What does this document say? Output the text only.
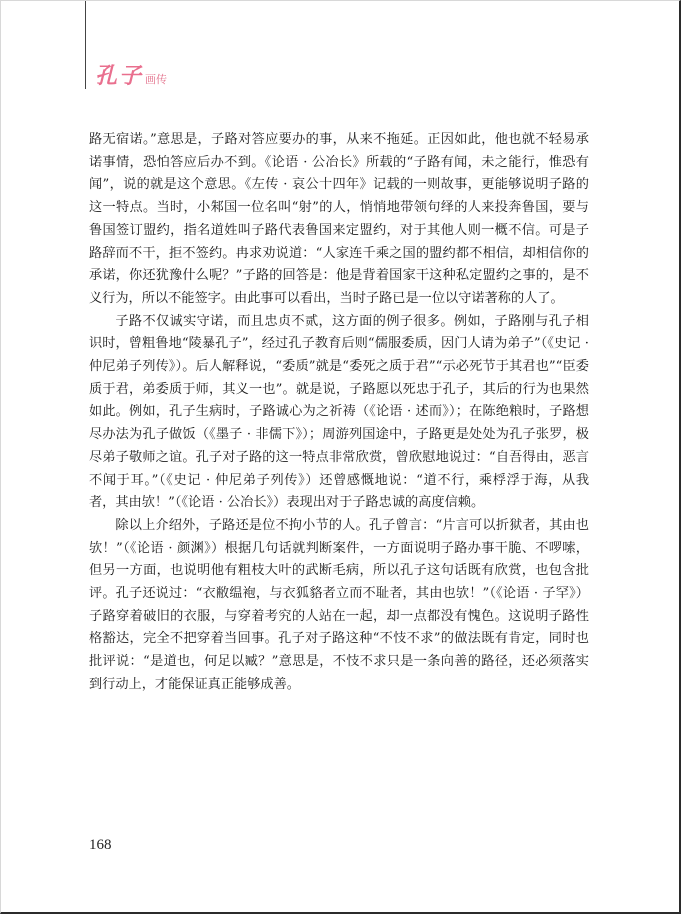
孔子 画传

路无宿诺。”意思是，子路对答应要办的事，从来不拖延。正因如此，他也就不轻易承诺事情，恐怕答应后办不到。《论语 · 公冶长》所载的“子路有闻，未之能行，惟恐有闻”，说的就是这个意思。《左传 · 哀公十四年》记载的一则故事，更能够说明子路的这一特点。当时，小邾国一位名叫“射”的人，悄悄地带领句绎的人来投奔鲁国，要与鲁国签订盟约，指名道姓叫子路代表鲁国来定盟约，对于其他人则一概不信。可是子路辞而不干，拒不签约。冉求劝说道：“人家连千乘之国的盟约都不相信，却相信你的承诺，你还犹豫什么呢？”子路的回答是：他是背着国家干这种私定盟约之事的，是不义行为，所以不能签字。由此事可以看出，当时子路已是一位以守诺著称的人了。

子路不仅诚实守诺，而且忠贞不贰，这方面的例子很多。例如，子路刚与孔子相识时，曾粗鲁地“陵暴孔子”，经过孔子教育后则“儒服委质，因门人请为弟子”（《史记 · 仲尼弟子列传》）。后人解释说，“委质”就是“委死之质于君”“示必死节于其君也”“臣委质于君，弟委质于师，其义一也”。就是说，子路愿以死忠于孔子，其后的行为也果然如此。例如，孔子生病时，子路诚心为之祈祷（《论语 · 述而》）；在陈绝粮时，子路想尽办法为孔子做饭（《墨子 · 非儒下》）；周游列国途中，子路更是处处为孔子张罗，极尽弟子敬师之谊。孔子对子路的这一特点非常欣赏，曾欣慰地说过：“自吾得由，恶言不闻于耳。”（《史记 · 仲尼弟子列传》）还曾感慨地说：“道不行，乘桴浮于海，从我者，其由欤！”（《论语 · 公冶长》）表现出对于子路忠诚的高度信赖。

除以上介绍外，子路还是位不拘小节的人。孔子曾言：“片言可以折狱者，其由也欤！”（《论语 · 颜渊》）根据几句话就判断案件，一方面说明子路办事干脆、不啰嗦，但另一方面，也说明他有粗枝大叶的武断毛病，所以孔子这句话既有欣赏，也包含批评。孔子还说过：“衣敝缊袍，与衣狐貉者立而不耻者，其由也欤！”（《论语 · 子罕》）子路穿着破旧的衣服，与穿着考究的人站在一起，却一点都没有愧色。这说明子路性格豁达，完全不把穿着当回事。孔子对子路这种“不忮不求”的做法既有肯定，同时也批评说：“是道也，何足以臧？”意思是，不忮不求只是一条向善的路径，还必须落实到行动上，才能保证真正能够成善。

168
